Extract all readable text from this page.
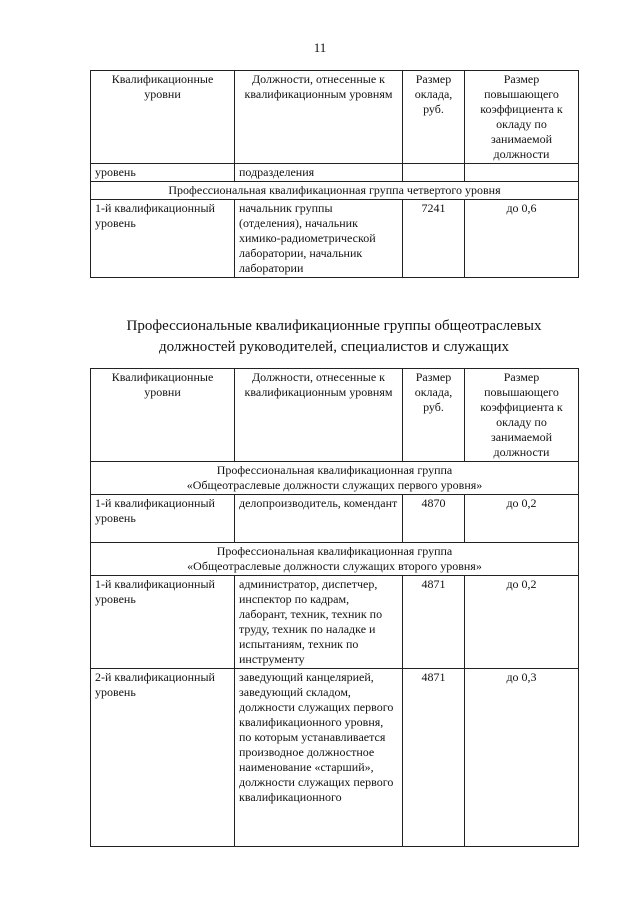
11
Квалификационные уровни	Должности, отнесенные к квалификационным уровням	Размер оклада, руб.	Размер повышающего коэффициента к окладу по занимаемой должности
уровень	подразделения		
Профессиональная квалификационная группа четвертого уровня			
1-й квалификационный уровень	начальник группы (отделения), начальник химико-радиометрической лаборатории, начальник лаборатории	7241	до 0,6
Профессиональные квалификационные группы общеотраслевых
должностей руководителей, специалистов и служащих
Квалификационные уровни	Должности, отнесенные к квалификационным уровням	Размер оклада, руб.	Размер повышающего коэффициента к окладу по занимаемой должности

Профессиональная квалификационная группа
«Общеотраслевые должности служащих первого уровня»			

1-й квалификационный уровень	делопроизводитель, комендант	4870	до 0,2

Профессиональная квалификационная группа
«Общеотраслевые должности служащих второго уровня»			

1-й квалификационный уровень	администратор, диспетчер, инспектор по кадрам, лаборант, техник, техник по труду, техник по наладке и испытаниям, техник по инструменту	4871	до 0,2
2-й квалификационный уровень	заведующий канцелярией, заведующий складом, должности служащих первого квалификационного уровня, по которым устанавливается производное должностное наименование «старший», должности служащих первого квалификационного	4871	до 0,3
